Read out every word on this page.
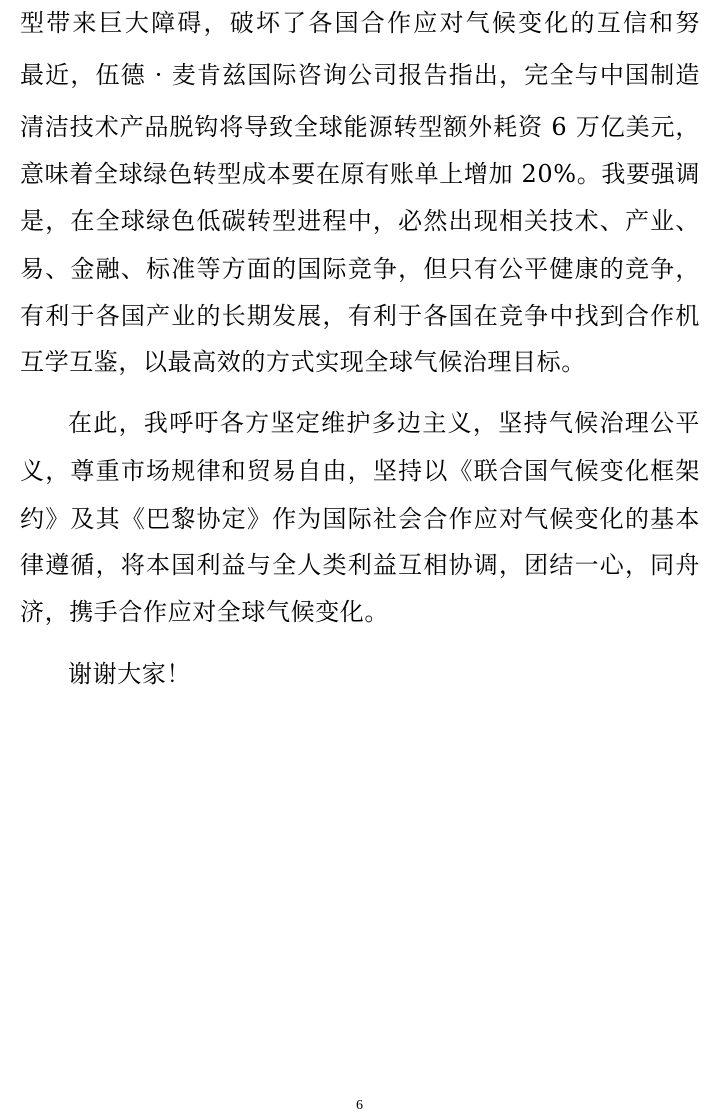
型带来巨大障碍，破坏了各国合作应对气候变化的互信和努
最近，伍德 · 麦肯兹国际咨询公司报告指出，完全与中国制造
清洁技术产品脱钩将导致全球能源转型额外耗资 6 万亿美元，
意味着全球绿色转型成本要在原有账单上增加 20%。我要强调
是，在全球绿色低碳转型进程中，必然出现相关技术、产业、
易、金融、标准等方面的国际竞争，但只有公平健康的竞争，
有利于各国产业的长期发展，有利于各国在竞争中找到合作机
互学互鉴，以最高效的方式实现全球气候治理目标。
在此，我呼吁各方坚定维护多边主义，坚持气候治理公平
义，尊重市场规律和贸易自由，坚持以《联合国气候变化框架
约》及其《巴黎协定》作为国际社会合作应对气候变化的基本
律遵循，将本国利益与全人类利益互相协调，团结一心，同舟
济，携手合作应对全球气候变化。
谢谢大家！
6
